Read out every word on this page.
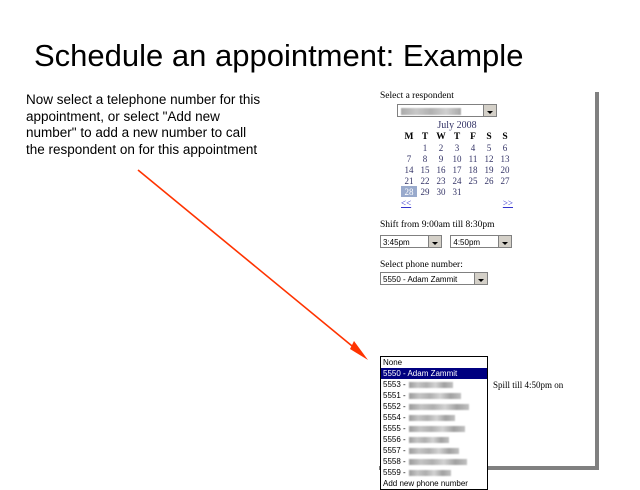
Schedule an appointment: Example
Now select a telephone number for this appointment, or select "Add new number" to add a new number to call the respondent on for this appointment
Select a respondent
July 2008
M	T	W	T	F	S	S
	1	2	3	4	5	6
7	8	9	10	11	12	13
14	15	16	17	18	19	20
21	22	23	24	25	26	27
28	29	30	31			
<<	>>
Shift from 9:00am till 8:30pm
3:45pm	4:50pm
Select phone number:
5550 - Adam Zammit
None
5550 - Adam Zammit
5553 -
5551 -
5552 -
5554 -
5555 -
5556 -
5557 -
5558 -
5559 -
Add new phone number
Spill till 4:50pm on
